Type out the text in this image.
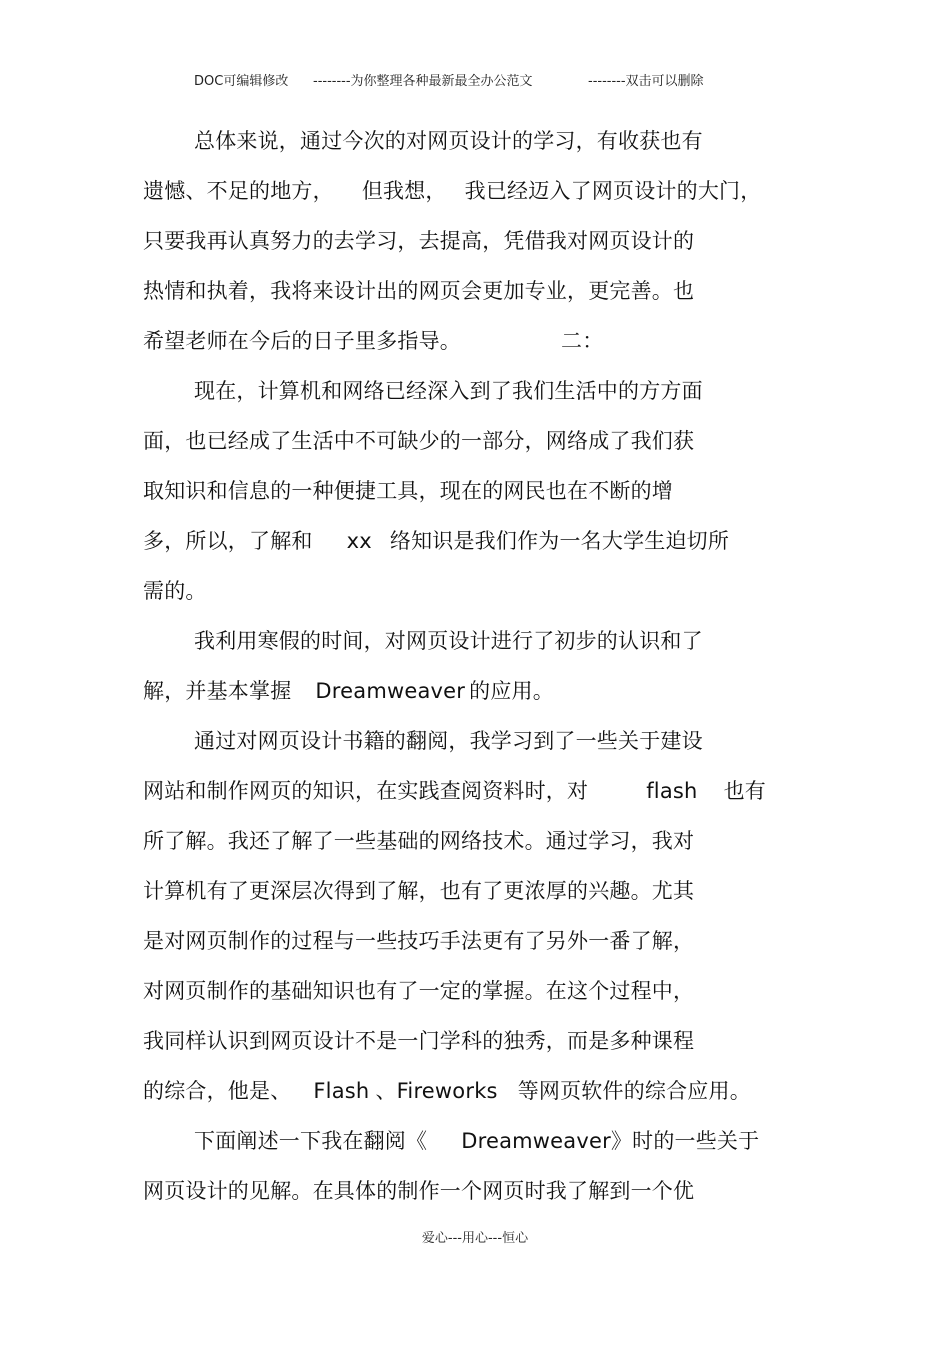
DOC可编辑修改 --------为你整理各种最新最全办公范文	--------双击可以删除
总体来说，通过今次的对网页设计的学习，有收获也有
遗憾、不足的地方， 但我想， 我已经迈入了网页设计的大门，
只要我再认真努力的去学习，去提高，凭借我对网页设计的
热情和执着，我将来设计出的网页会更加专业，更完善。也
希望老师在今后的日子里多指导。	二：
现在，计算机和网络已经深入到了我们生活中的方方面
面，也已经成了生活中不可缺少的一部分，网络成了我们获
取知识和信息的一种便捷工具，现在的网民也在不断的增
多，所以，了解和 xx 络知识是我们作为一名大学生迫切所
需的。
我利用寒假的时间，对网页设计进行了初步的认识和了
解，并基本掌握 Dreamweaver 的应用。
通过对网页设计书籍的翻阅，我学习到了一些关于建设
网站和制作网页的知识，在实践查阅资料时，对	flash 也有
所了解。我还了解了一些基础的网络技术。通过学习，我对
计算机有了更深层次得到了解，也有了更浓厚的兴趣。尤其
是对网页制作的过程与一些技巧手法更有了另外一番了解，
对网页制作的基础知识也有了一定的掌握。在这个过程中，
我同样认识到网页设计不是一门学科的独秀，而是多种课程
的综合，他是、 Flash 、Fireworks 等网页软件的综合应用。
下面阐述一下我在翻阅《 Dreamweaver》时的一些关于
网页设计的见解。在具体的制作一个网页时我了解到一个优
爱心---用心---恒心
